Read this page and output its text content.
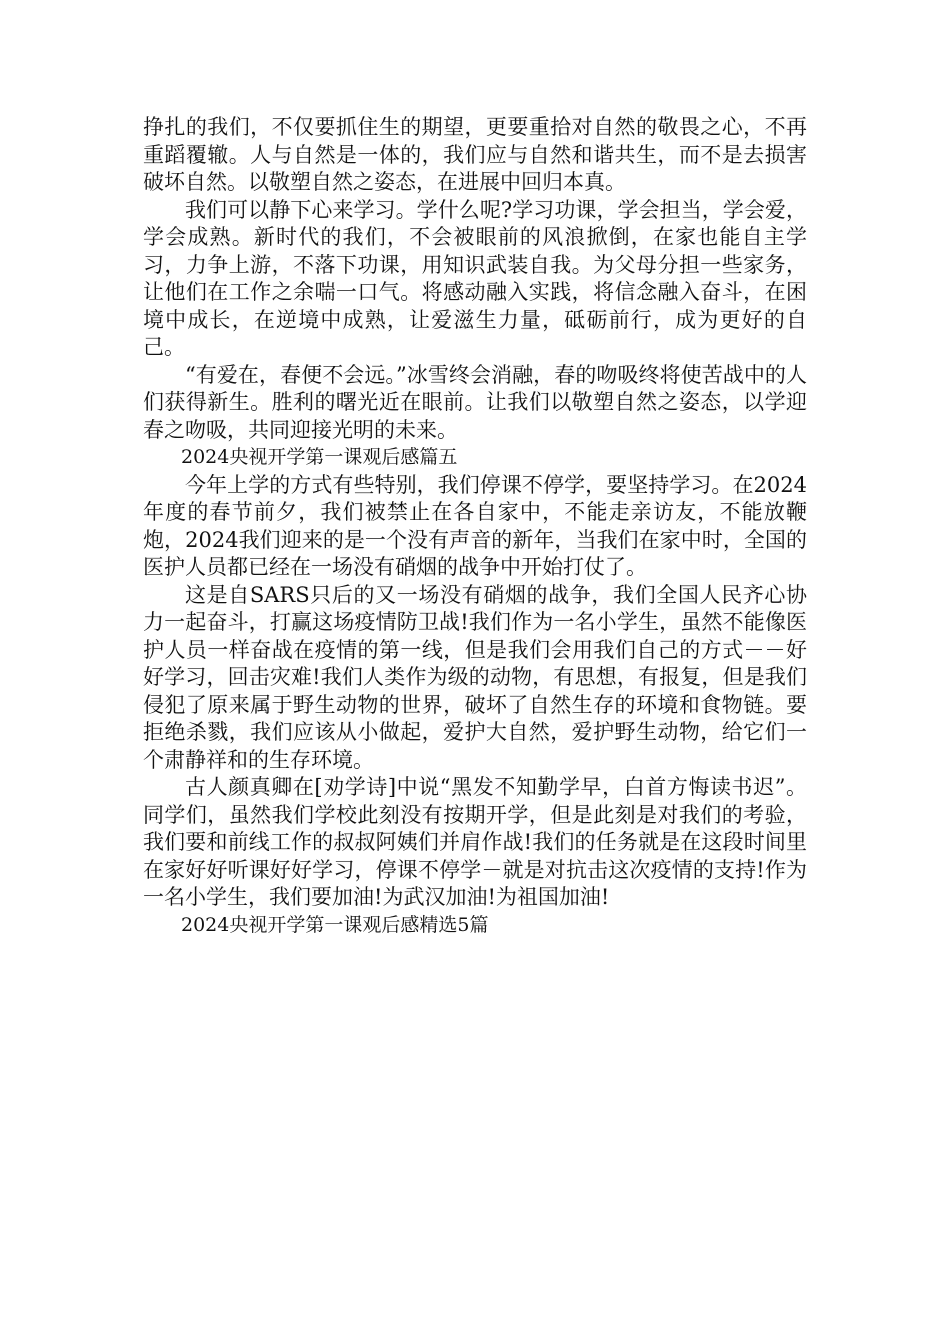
挣扎的我们，不仅要抓住生的期望，更要重拾对自然的敬畏之心，不再重蹈覆辙。人与自然是一体的，我们应与自然和谐共生，而不是去损害破坏自然。以敬塑自然之姿态，在进展中回归本真。

我们可以静下心来学习。学什么呢?学习功课，学会担当，学会爱，学会成熟。新时代的我们，不会被眼前的风浪掀倒，在家也能自主学习，力争上游，不落下功课，用知识武装自我。为父母分担一些家务，让他们在工作之余喘一口气。将感动融入实践，将信念融入奋斗，在困境中成长，在逆境中成熟，让爱滋生力量，砥砺前行，成为更好的自己。

“有爱在，春便不会远。”冰雪终会消融，春的吻吸终将使苦战中的人们获得新生。胜利的曙光近在眼前。让我们以敬塑自然之姿态，以学迎春之吻吸，共同迎接光明的未来。

2024央视开学第一课观后感篇五

今年上学的方式有些特别，我们停课不停学，要坚持学习。在2024年度的春节前夕，我们被禁止在各自家中，不能走亲访友，不能放鞭炮，2024我们迎来的是一个没有声音的新年，当我们在家中时，全国的医护人员都已经在一场没有硝烟的战争中开始打仗了。

这是自SARS只后的又一场没有硝烟的战争，我们全国人民齐心协力一起奋斗，打赢这场疫情防卫战!我们作为一名小学生，虽然不能像医护人员一样奋战在疫情的第一线，但是我们会用我们自己的方式－－好好学习，回击灾难!我们人类作为级的动物，有思想，有报复，但是我们侵犯了原来属于野生动物的世界，破坏了自然生存的环境和食物链。要拒绝杀戮，我们应该从小做起，爱护大自然，爱护野生动物，给它们一个肃静祥和的生存环境。

古人颜真卿在[劝学诗]中说“黑发不知勤学早，白首方悔读书迟”。同学们，虽然我们学校此刻没有按期开学，但是此刻是对我们的考验，我们要和前线工作的叔叔阿姨们并肩作战!我们的任务就是在这段时间里在家好好听课好好学习，停课不停学－就是对抗击这次疫情的支持!作为一名小学生，我们要加油!为武汉加油!为祖国加油!

2024央视开学第一课观后感精选5篇
